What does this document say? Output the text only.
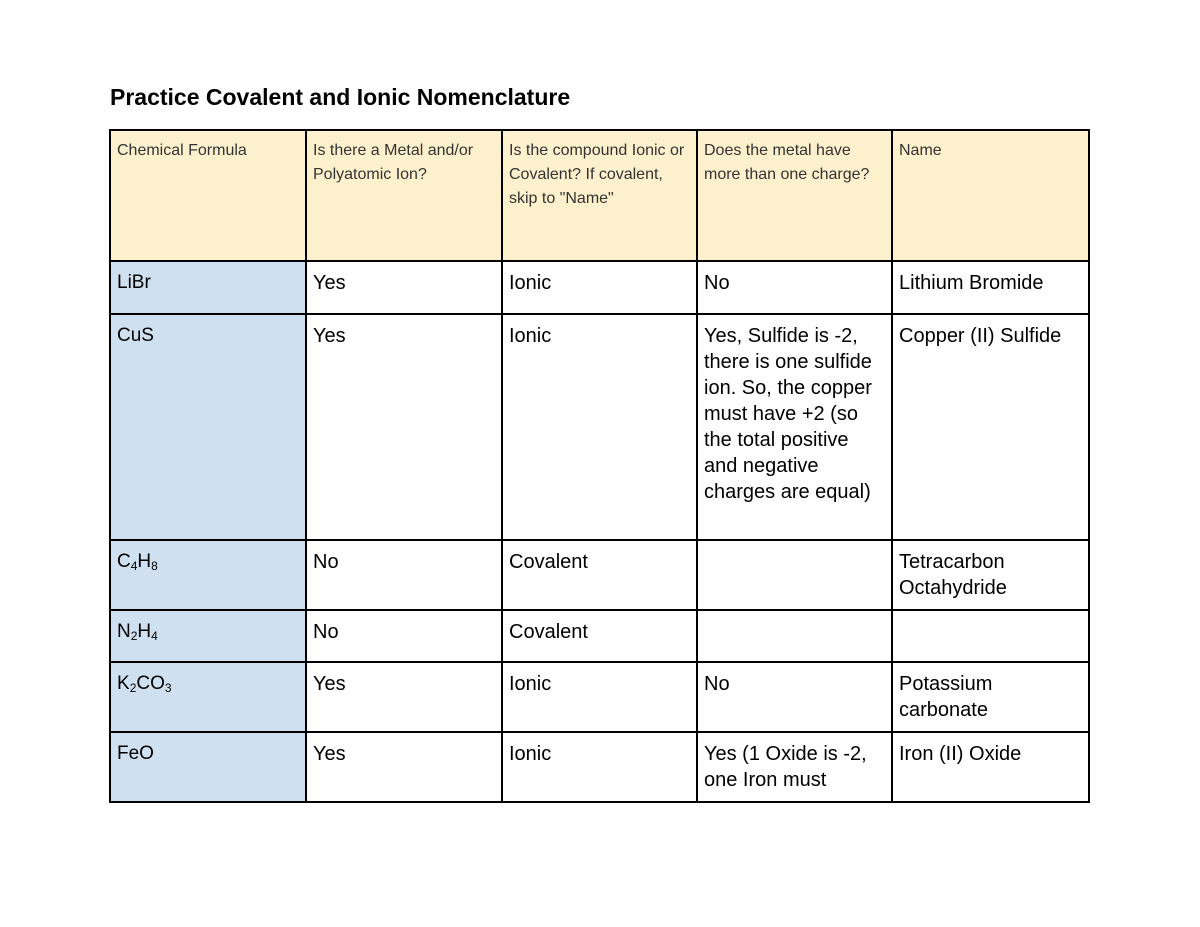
Practice Covalent and Ionic Nomenclature
Chemical Formula	Is there a Metal and/or Polyatomic Ion?	Is the compound Ionic or Covalent? If covalent, skip to "Name"	Does the metal have more than one charge?	Name
LiBr	Yes	Ionic	No	Lithium Bromide
CuS	Yes	Ionic	Yes, Sulfide is -2, there is one sulfide ion. So, the copper must have +2 (so the total positive and negative charges are equal)	Copper (II) Sulfide
$C_4H_8$	No	Covalent		Tetracarbon Octahydride
$N_2H_4$	No	Covalent		
$K_2CO_3$	Yes	Ionic	No	Potassium carbonate
FeO	Yes	Ionic	Yes (1 Oxide is -2, one Iron must	Iron (II) Oxide
